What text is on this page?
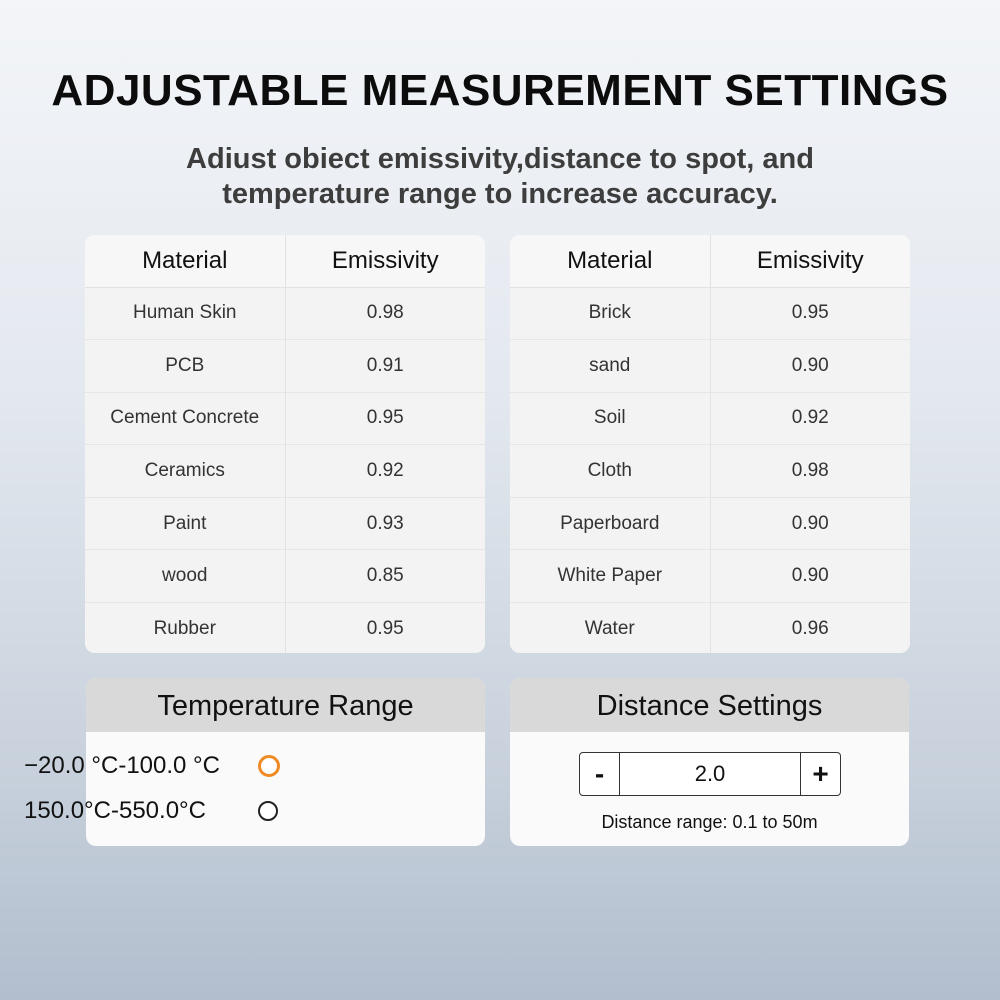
ADJUSTABLE MEASUREMENT SETTINGS
Adiust obiect emissivity,distance to spot, and
temperature range to increase accuracy.
Material	Emissivity
Human Skin	0.98
PCB	0.91
Cement Concrete	0.95
Ceramics	0.92
Paint	0.93
wood	0.85
Rubber	0.95
Material	Emissivity
Brick	0.95
sand	0.90
Soil	0.92
Cloth	0.98
Paperboard	0.90
White Paper	0.90
Water	0.96
Temperature Range
−20.0 °C-100.0 °C
150.0°C-550.0°C
Distance Settings
-	2.0	+
Distance range: 0.1 to 50m
